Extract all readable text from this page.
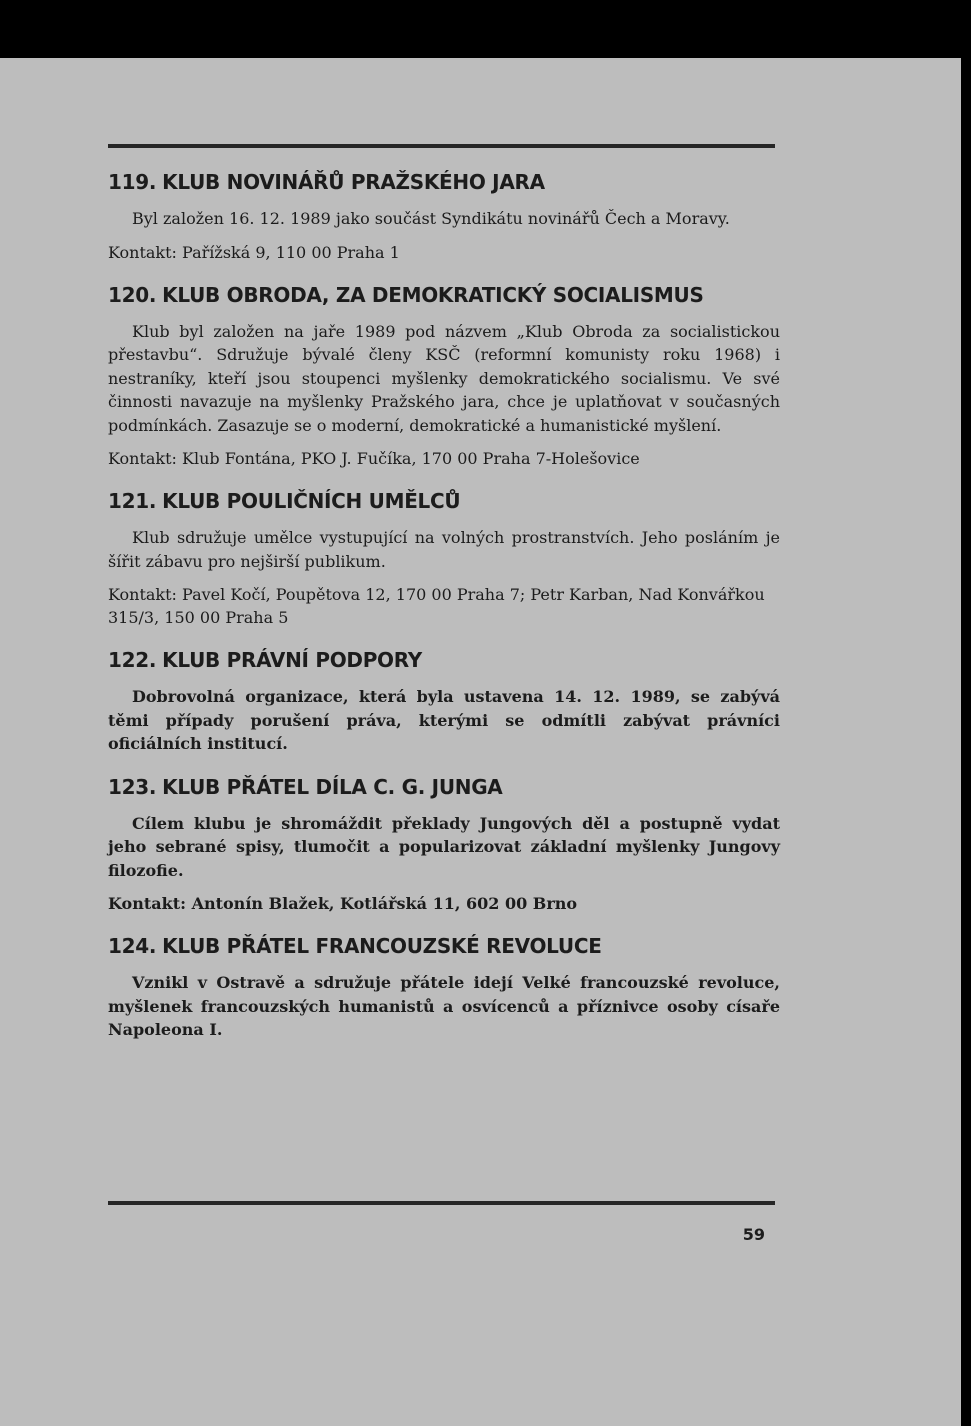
119. KLUB NOVINÁŘŮ PRAŽSKÉHO JARA

Byl založen 16. 12. 1989 jako součást Syndikátu novinářů Čech a Moravy.

Kontakt: Pařížská 9, 110 00 Praha 1

120. KLUB OBRODA, ZA DEMOKRATICKÝ SOCIALISMUS

Klub byl založen na jaře 1989 pod názvem „Klub Obroda za socialistickou přestavbu“. Sdružuje bývalé členy KSČ (reformní komunisty roku 1968) i nestraníky, kteří jsou stoupenci myšlenky demokratického socialismu. Ve své činnosti navazuje na myšlenky Pražského jara, chce je uplatňovat v současných podmínkách. Zasazuje se o moderní, demokratické a humanistické myšlení.

Kontakt: Klub Fontána, PKO J. Fučíka, 170 00 Praha 7-Holešovice

121. KLUB POULIČNÍCH UMĚLCŮ

Klub sdružuje umělce vystupující na volných prostranstvích. Jeho posláním je šířit zábavu pro nejširší publikum.

Kontakt: Pavel Kočí, Poupětova 12, 170 00 Praha 7; Petr Karban, Nad Konvářkou 315/3, 150 00 Praha 5

122. KLUB PRÁVNÍ PODPORY

Dobrovolná organizace, která byla ustavena 14. 12. 1989, se zabývá těmi případy porušení práva, kterými se odmítli zabývat právníci oficiálních institucí.

123. KLUB PŘÁTEL DÍLA C. G. JUNGA

Cílem klubu je shromáždit překlady Jungových děl a postupně vydat jeho sebrané spisy, tlumočit a popularizovat základní myšlenky Jungovy filozofie.

Kontakt: Antonín Blažek, Kotlářská 11, 602 00 Brno

124. KLUB PŘÁTEL FRANCOUZSKÉ REVOLUCE

Vznikl v Ostravě a sdružuje přátele idejí Velké francouzské revoluce, myšlenek francouzských humanistů a osvícenců a příznivce osoby císaře Napoleona I.

59
